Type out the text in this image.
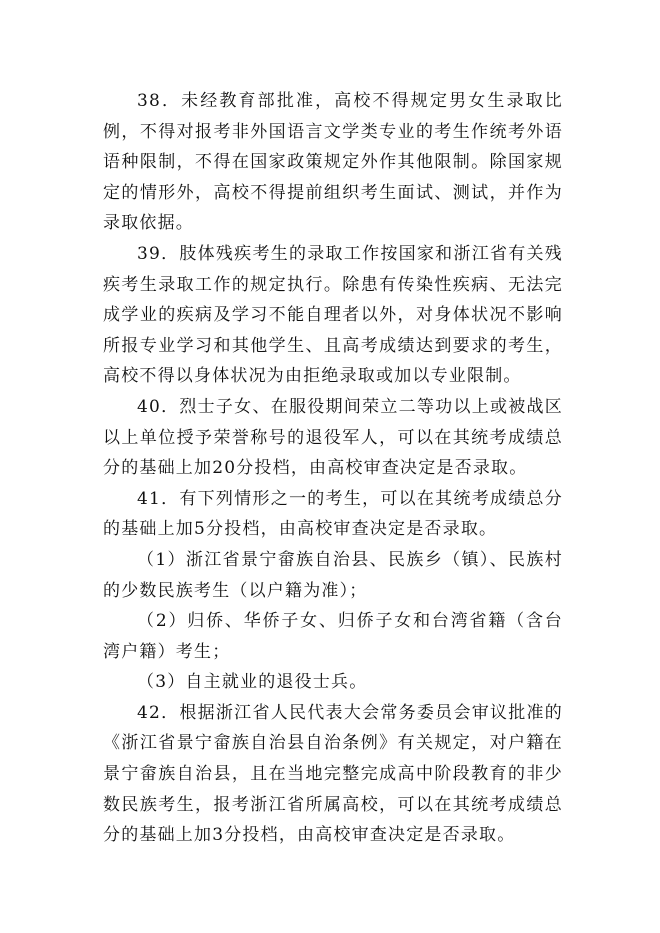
38．未经教育部批准，高校不得规定男女生录取比例，不得对报考非外国语言文学类专业的考生作统考外语语种限制，不得在国家政策规定外作其他限制。除国家规定的情形外，高校不得提前组织考生面试、测试，并作为录取依据。

39．肢体残疾考生的录取工作按国家和浙江省有关残疾考生录取工作的规定执行。除患有传染性疾病、无法完成学业的疾病及学习不能自理者以外，对身体状况不影响所报专业学习和其他学生、且高考成绩达到要求的考生，高校不得以身体状况为由拒绝录取或加以专业限制。

40．烈士子女、在服役期间荣立二等功以上或被战区以上单位授予荣誉称号的退役军人，可以在其统考成绩总分的基础上加20分投档，由高校审查决定是否录取。

41．有下列情形之一的考生，可以在其统考成绩总分的基础上加5分投档，由高校审查决定是否录取。

（1）浙江省景宁畲族自治县、民族乡（镇）、民族村的少数民族考生（以户籍为准）；

（2）归侨、华侨子女、归侨子女和台湾省籍（含台湾户籍）考生；

（3）自主就业的退役士兵。

42．根据浙江省人民代表大会常务委员会审议批准的《浙江省景宁畲族自治县自治条例》有关规定，对户籍在景宁畲族自治县，且在当地完整完成高中阶段教育的非少数民族考生，报考浙江省所属高校，可以在其统考成绩总分的基础上加3分投档，由高校审查决定是否录取。
